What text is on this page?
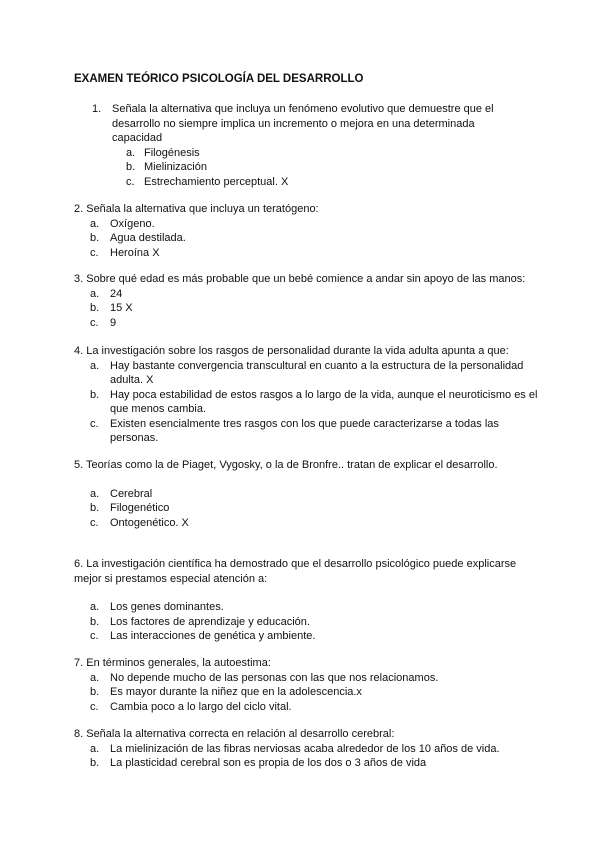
EXAMEN TEÓRICO PSICOLOGÍA DEL DESARROLLO
1. Señala la alternativa que incluya un fenómeno evolutivo que demuestre que el desarrollo no siempre implica un incremento o mejora en una determinada capacidad

a. Filogénesis
b. Mielinización
c. Estrechamiento perceptual. X

2. Señala la alternativa que incluya un teratógeno:

a. Oxígeno.
b. Agua destilada.
c.	Heroína X

3. Sobre qué edad es más probable que un bebé comience a andar sin apoyo de las manos:

a. 24
b. 15 X
c.	9

4. La investigación sobre los rasgos de personalidad durante la vida adulta apunta a que:

a. Hay bastante convergencia transcultural en cuanto a la estructura de la personalidad adulta. X
b. Hay poca estabilidad de estos rasgos a lo largo de la vida, aunque el neuroticismo es el que menos cambia.
c.	Existen esencialmente tres rasgos con los que puede caracterizarse a todas las personas.

5. Teorías como la de Piaget, Vygosky, o la de Bronfre.. tratan de explicar el desarrollo.

a. Cerebral
b. Filogenético
c.	Ontogenético. X

6. La investigación científica ha demostrado que el desarrollo psicológico puede explicarse mejor si prestamos especial atención a:

a. Los genes dominantes.
b. Los factores de aprendizaje y educación.
c.	Las interacciones de genética y ambiente.

7. En términos generales, la autoestima:

a. No depende mucho de las personas con las que nos relacionamos.
b. Es mayor durante la niñez que en la adolescencia.x
c.	Cambia poco a lo largo del ciclo vital.

8. Señala la alternativa correcta en relación al desarrollo cerebral:

a. La mielinización de las fibras nerviosas acaba alrededor de los 10 años de vida.
b. La plasticidad cerebral son es propia de los dos o 3 años de vida
